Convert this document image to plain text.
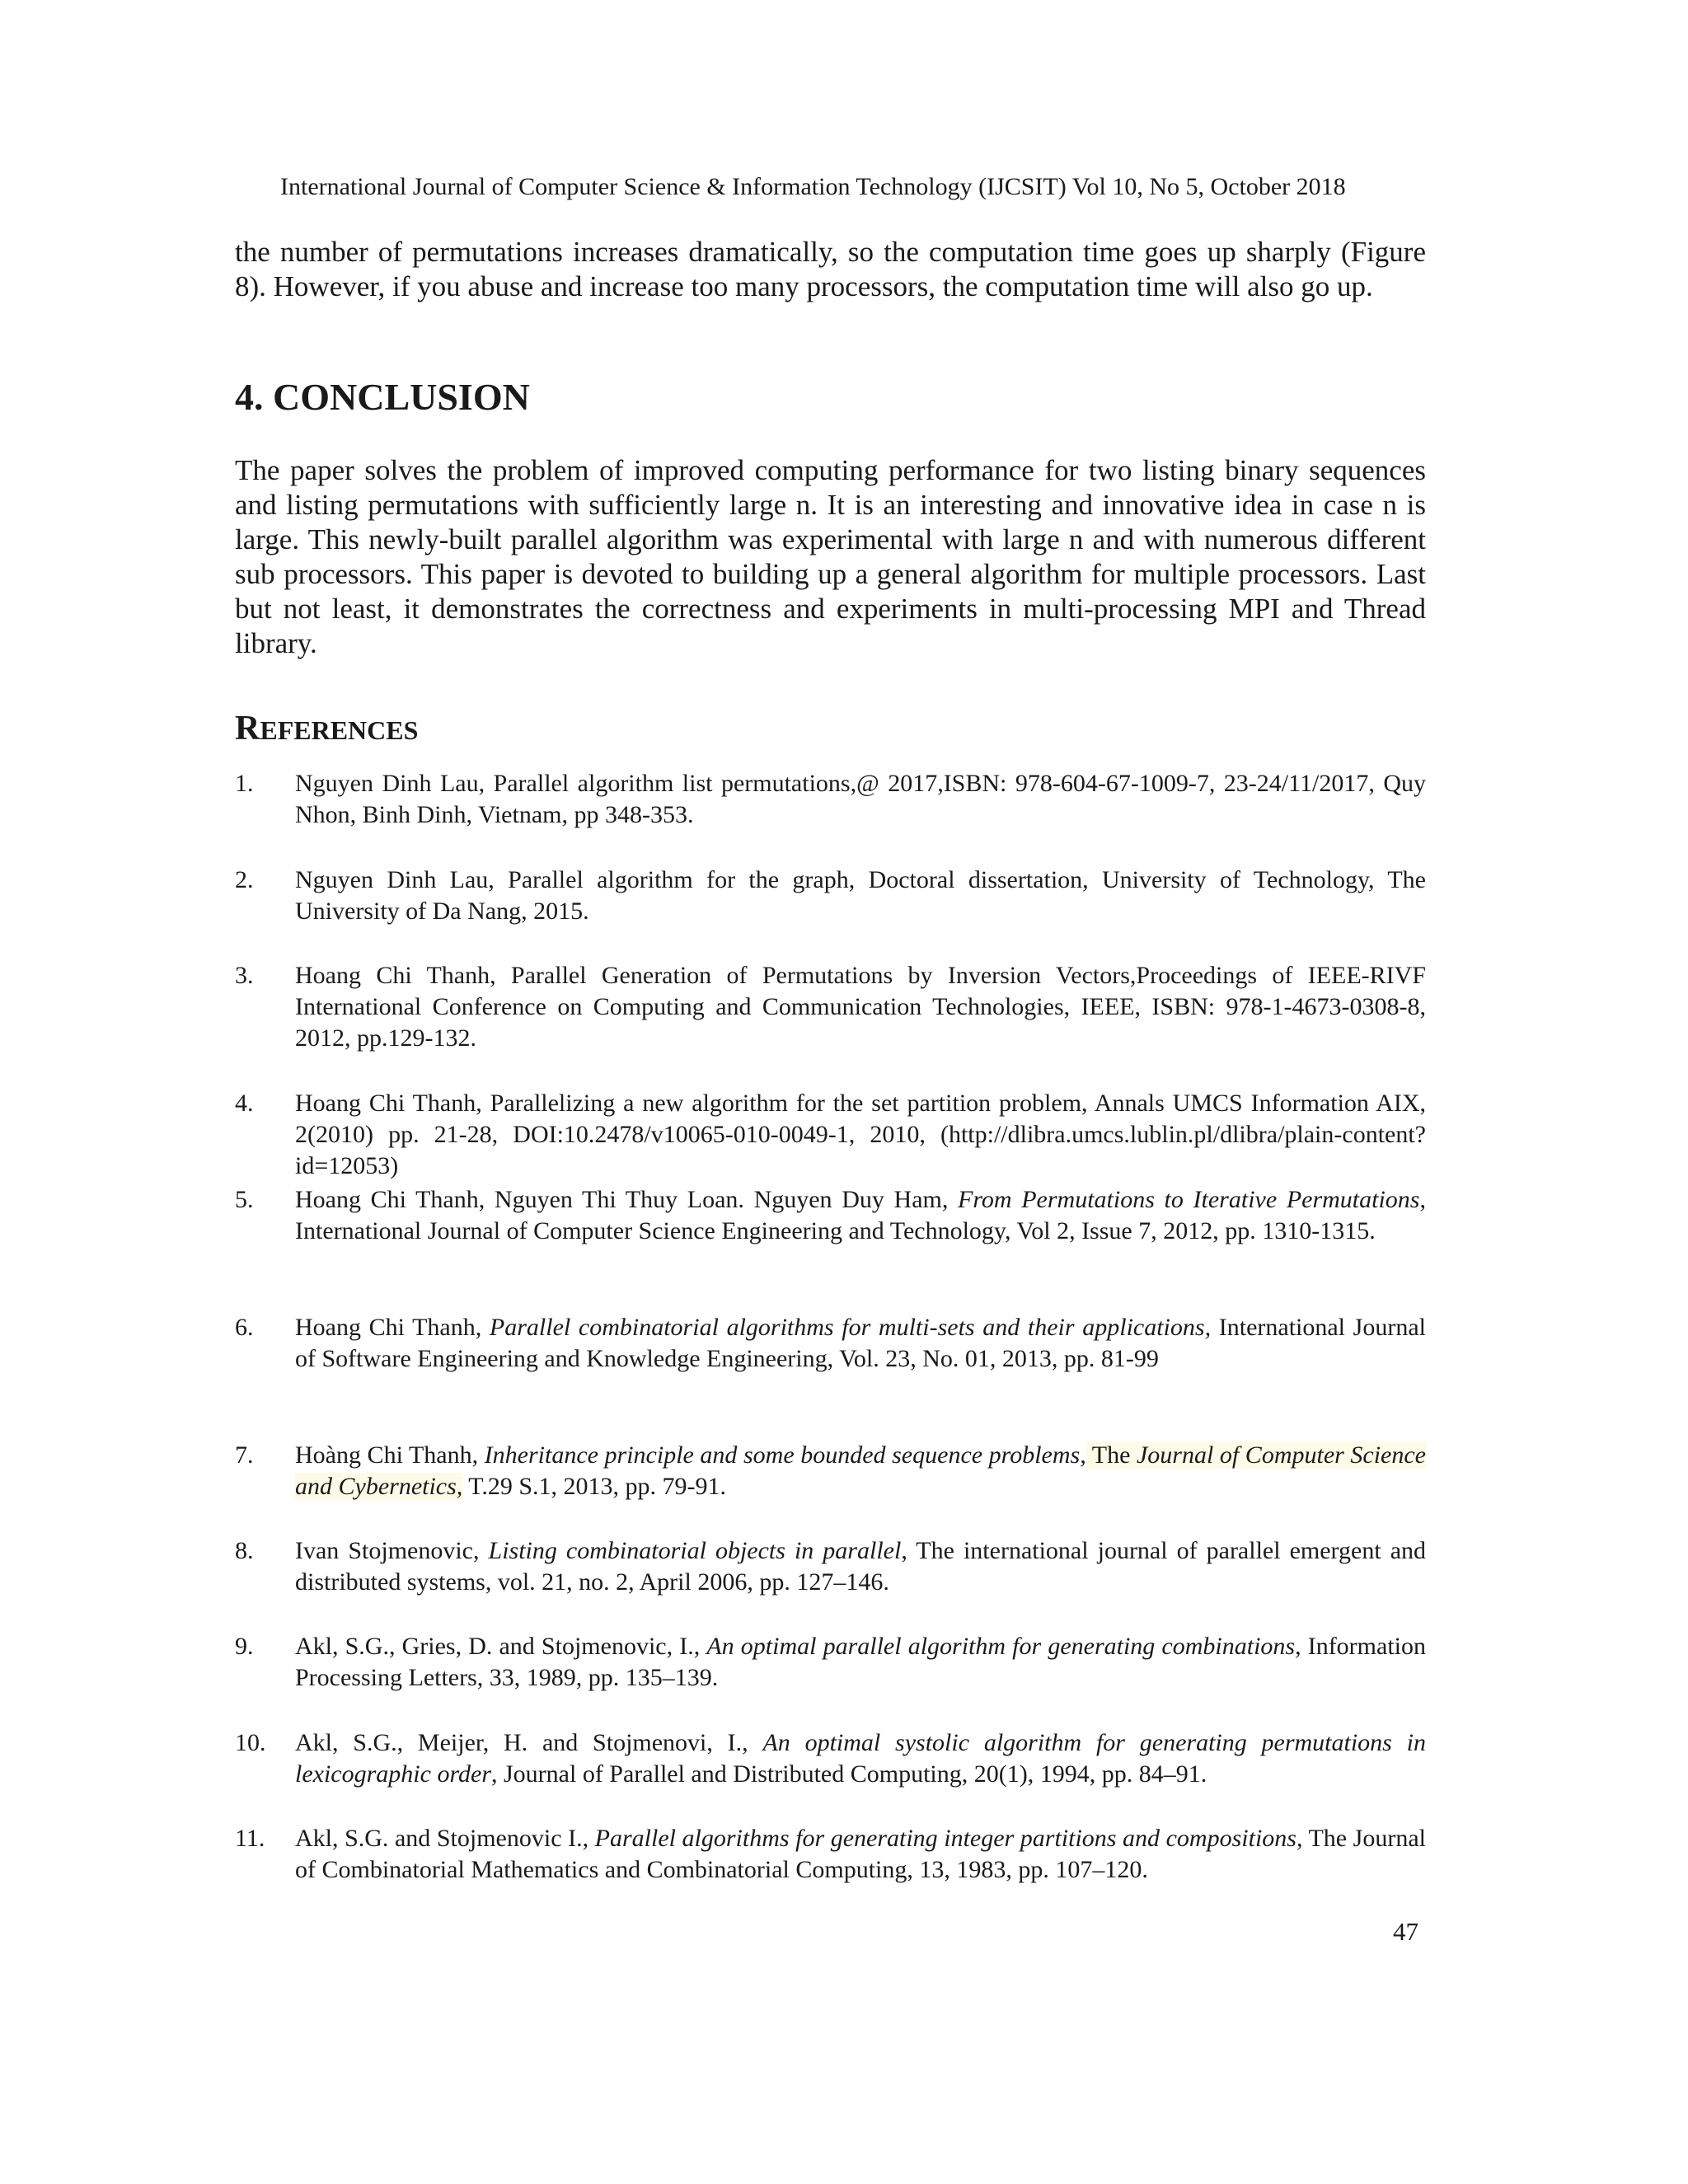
International Journal of Computer Science & Information Technology (IJCSIT) Vol 10, No 5, October 2018
the number of permutations increases dramatically, so the computation time goes up sharply (Figure 8). However, if you abuse and increase too many processors, the computation time will also go up.
4. CONCLUSION
The paper solves the problem of improved computing performance for two listing binary sequences and listing permutations with sufficiently large n. It is an interesting and innovative idea in case n is large. This newly-built parallel algorithm was experimental with large n and with numerous different sub processors. This paper is devoted to building up a general algorithm for multiple processors. Last but not least, it demonstrates the correctness and experiments in multi-processing MPI and Thread library.
REFERENCES
1. Nguyen Dinh Lau, Parallel algorithm list permutations,@ 2017,ISBN: 978-604-67-1009-7, 23-24/11/2017, Quy Nhon, Binh Dinh, Vietnam, pp 348-353.
2. Nguyen Dinh Lau, Parallel algorithm for the graph, Doctoral dissertation, University of Technology, The University of Da Nang, 2015.
3. Hoang Chi Thanh, Parallel Generation of Permutations by Inversion Vectors,Proceedings of IEEE-RIVF International Conference on Computing and Communication Technologies, IEEE, ISBN: 978-1-4673-0308-8, 2012, pp.129-132.
4. Hoang Chi Thanh, Parallelizing a new algorithm for the set partition problem, Annals UMCS Information AIX, 2(2010) pp. 21-28, DOI:10.2478/v10065-010-0049-1, 2010, (http://dlibra.umcs.lublin.pl/dlibra/plain-content?id=12053)
5. Hoang Chi Thanh, Nguyen Thi Thuy Loan. Nguyen Duy Ham, From Permutations to Iterative Permutations, International Journal of Computer Science Engineering and Technology, Vol 2, Issue 7, 2012, pp. 1310-1315.
6. Hoang Chi Thanh, Parallel combinatorial algorithms for multi-sets and their applications, International Journal of Software Engineering and Knowledge Engineering, Vol. 23, No. 01, 2013, pp. 81-99
7. Hoàng Chi Thanh, Inheritance principle and some bounded sequence problems, The Journal of Computer Science and Cybernetics, T.29 S.1, 2013, pp. 79-91.
8. Ivan Stojmenovic, Listing combinatorial objects in parallel, The international journal of parallel emergent and distributed systems, vol. 21, no. 2, April 2006, pp. 127–146.
9. Akl, S.G., Gries, D. and Stojmenovic, I., An optimal parallel algorithm for generating combinations, Information Processing Letters, 33, 1989, pp. 135–139.
10. Akl, S.G., Meijer, H. and Stojmenovi, I., An optimal systolic algorithm for generating permutations in lexicographic order, Journal of Parallel and Distributed Computing, 20(1), 1994, pp. 84–91.
11. Akl, S.G. and Stojmenovic I., Parallel algorithms for generating integer partitions and compositions, The Journal of Combinatorial Mathematics and Combinatorial Computing, 13, 1983, pp. 107–120.
47
